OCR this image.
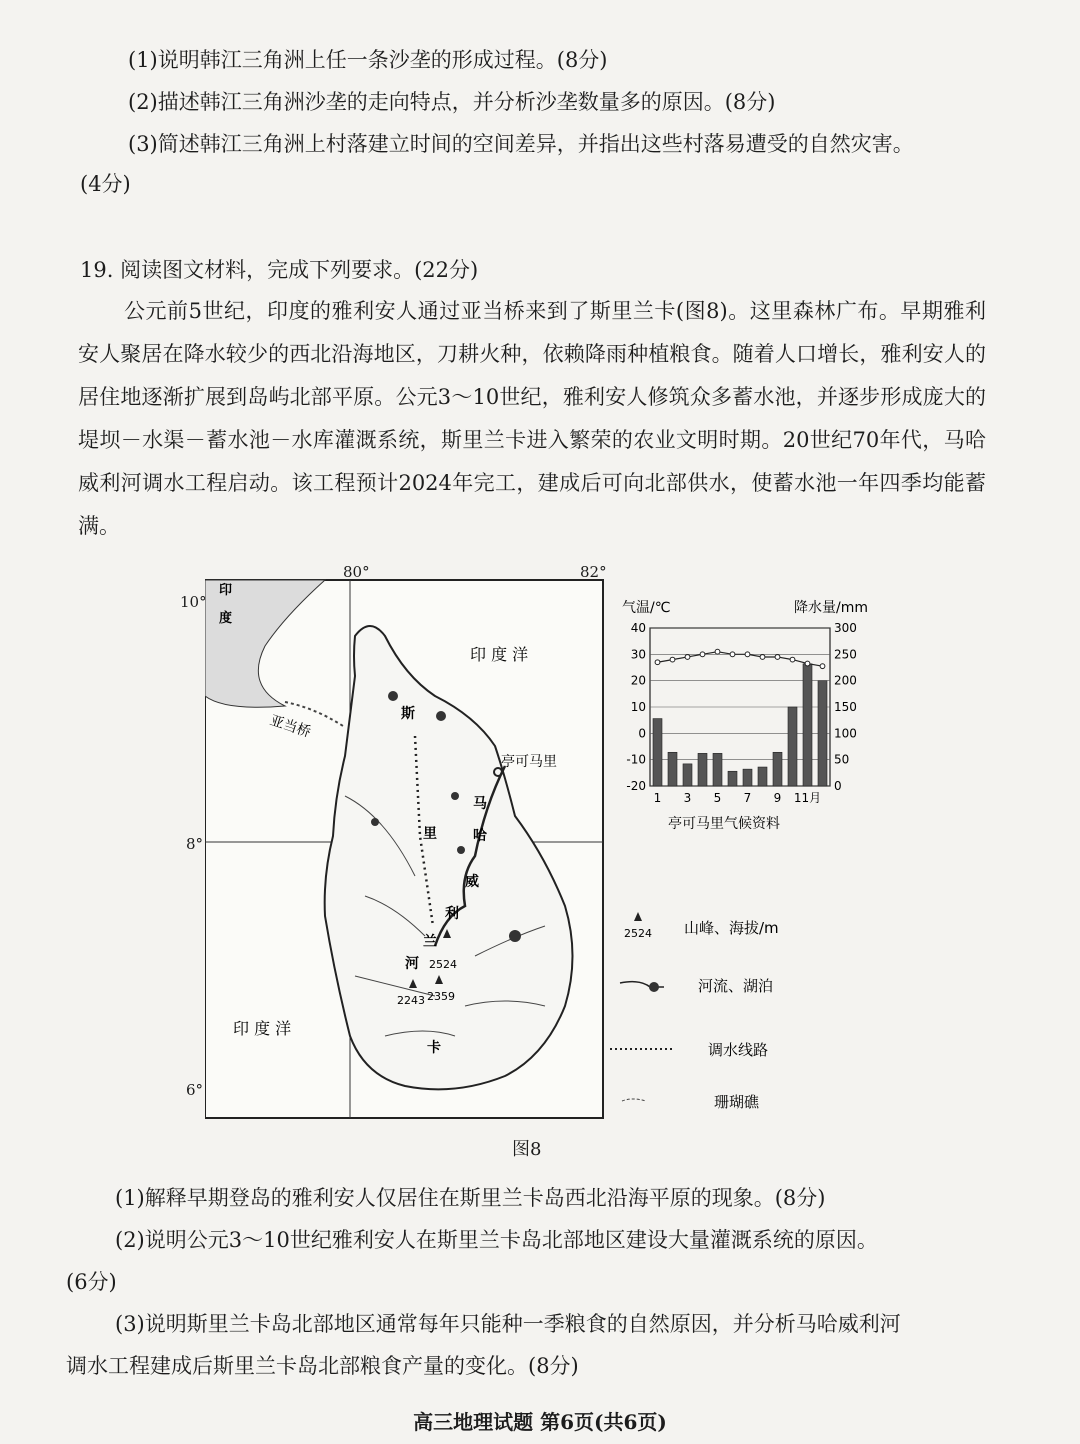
(1)说明韩江三角洲上任一条沙垄的形成过程。(8分)
(2)描述韩江三角洲沙垄的走向特点，并分析沙垄数量多的原因。(8分)
(3)简述韩江三角洲上村落建立时间的空间差异，并指出这些村落易遭受的自然灾害。
(4分)
19. 阅读图文材料，完成下列要求。(22分)
公元前5世纪，印度的雅利安人通过亚当桥来到了斯里兰卡(图8)。这里森林广布。早期雅利安人聚居在降水较少的西北沿海地区，刀耕火种，依赖降雨种植粮食。随着人口增长，雅利安人的居住地逐渐扩展到岛屿北部平原。公元3～10世纪，雅利安人修筑众多蓄水池，并逐步形成庞大的堤坝－水渠－蓄水池－水库灌溉系统，斯里兰卡进入繁荣的农业文明时期。20世纪70年代，马哈威利河调水工程启动。该工程预计2024年完工，建成后可向北部供水，使蓄水池一年四季均能蓄满。
印
度
印 度 洋
印 度 洋
亚当桥
亭可马里
斯
里
兰
卡
马
哈
威
利
河 2524
2243 2359
80°	82°
10°
8°
6°
气温/℃	降水量/mm
40	300
30	250
20	200
10	150
0	100
-10	50
-20	0
1 3 5 7 9 11月
亭可马里气候资料
2524 山峰、海拔/m
河流、湖泊
调水线路
珊瑚礁
图8
(1)解释早期登岛的雅利安人仅居住在斯里兰卡岛西北沿海平原的现象。(8分)
(2)说明公元3～10世纪雅利安人在斯里兰卡岛北部地区建设大量灌溉系统的原因。
(6分)
(3)说明斯里兰卡岛北部地区通常每年只能种一季粮食的自然原因，并分析马哈威利河
调水工程建成后斯里兰卡岛北部粮食产量的变化。(8分)
高三地理试题 第6页(共6页)
